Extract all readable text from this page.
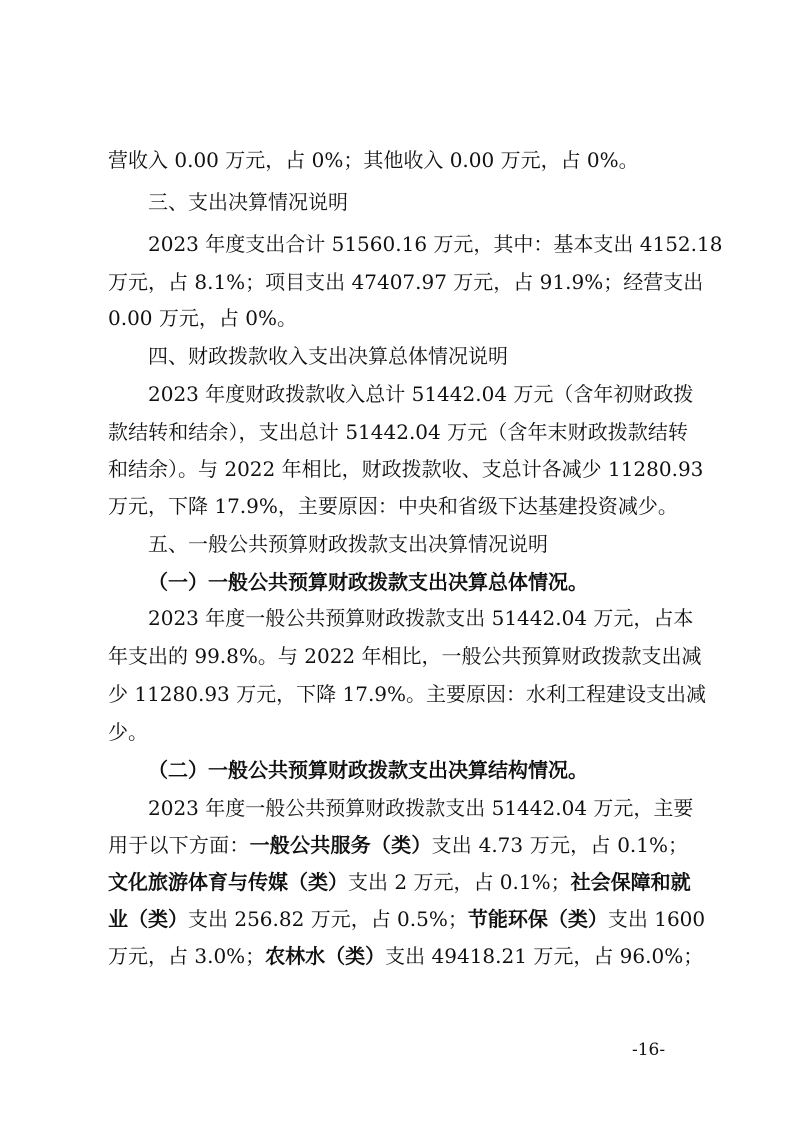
营收入 0.00 万元，占 0%；其他收入 0.00 万元，占 0%。
三、支出决算情况说明
2023 年度支出合计 51560.16 万元，其中：基本支出 4152.18
万元，占 8.1%；项目支出 47407.97 万元，占 91.9%；经营支出
0.00 万元，占 0%。
四、财政拨款收入支出决算总体情况说明
2023 年度财政拨款收入总计 51442.04 万元（含年初财政拨
款结转和结余），支出总计 51442.04 万元（含年末财政拨款结转
和结余）。与 2022 年相比，财政拨款收、支总计各减少 11280.93
万元，下降 17.9%，主要原因：中央和省级下达基建投资减少。
五、一般公共预算财政拨款支出决算情况说明
（一）一般公共预算财政拨款支出决算总体情况。
2023 年度一般公共预算财政拨款支出 51442.04 万元，占本
年支出的 99.8%。与 2022 年相比，一般公共预算财政拨款支出减
少 11280.93 万元，下降 17.9%。主要原因：水利工程建设支出减
少。
（二）一般公共预算财政拨款支出决算结构情况。
2023 年度一般公共预算财政拨款支出 51442.04 万元，主要
用于以下方面：一般公共服务（类）支出 4.73 万元，占 0.1%；
文化旅游体育与传媒（类）支出 2 万元，占 0.1%；社会保障和就
业（类）支出 256.82 万元，占 0.5%；节能环保（类）支出 1600
万元，占 3.0%；农林水（类）支出 49418.21 万元，占 96.0%；
-16-
